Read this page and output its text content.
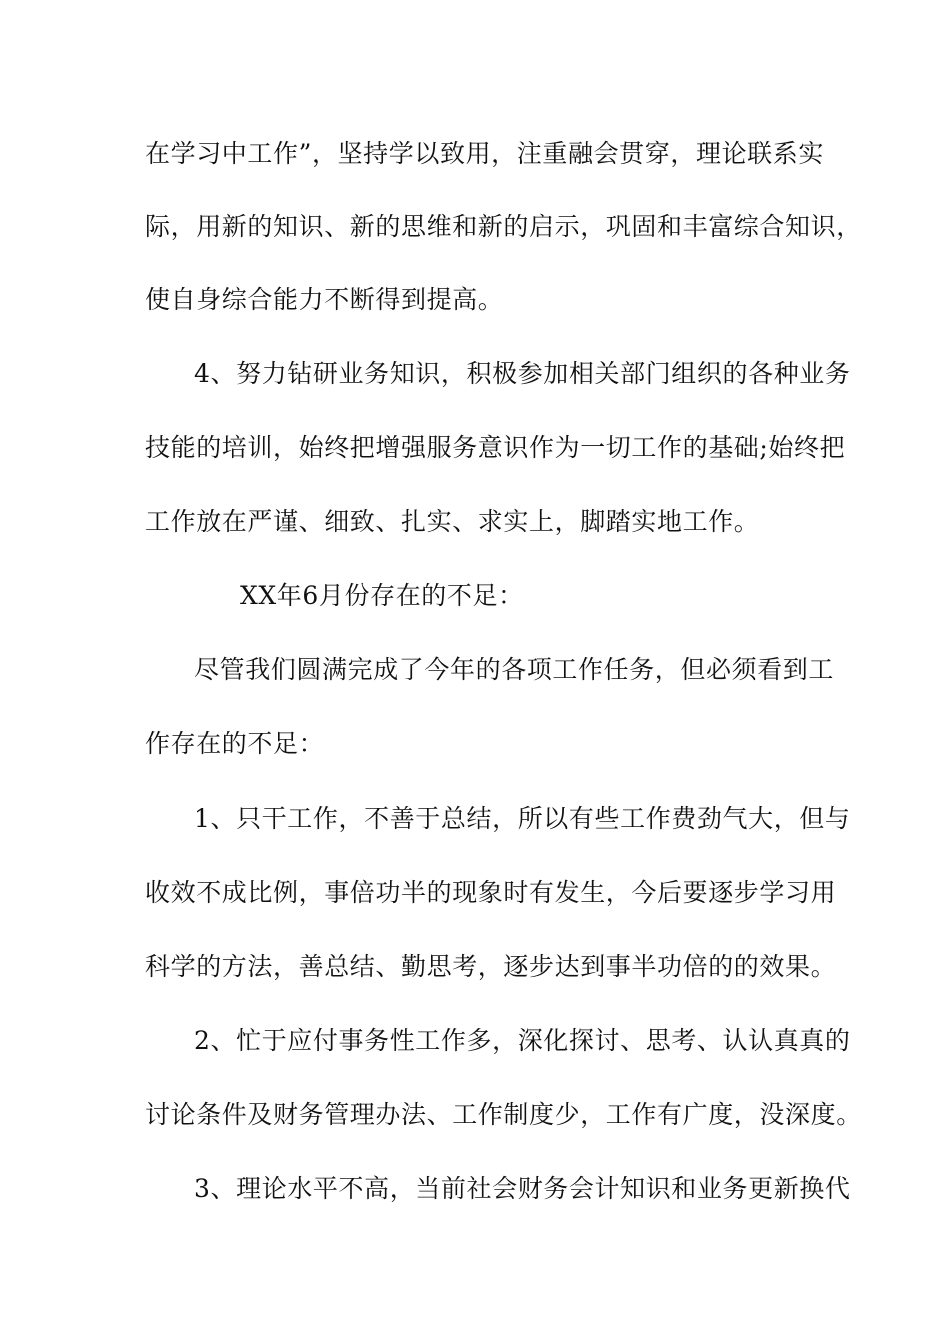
在学习中工作”，坚持学以致用，注重融会贯穿，理论联系实
际，用新的知识、新的思维和新的启示，巩固和丰富综合知识，
使自身综合能力不断得到提高。
4、努力钻研业务知识，积极参加相关部门组织的各种业务
技能的培训，始终把增强服务意识作为一切工作的基础;始终把
工作放在严谨、细致、扎实、求实上，脚踏实地工作。
XX年6月份存在的不足：
尽管我们圆满完成了今年的各项工作任务，但必须看到工
作存在的不足：
1、只干工作，不善于总结，所以有些工作费劲气大，但与
收效不成比例，事倍功半的现象时有发生，今后要逐步学习用
科学的方法，善总结、勤思考，逐步达到事半功倍的的效果。
2、忙于应付事务性工作多，深化探讨、思考、认认真真的
讨论条件及财务管理办法、工作制度少，工作有广度，没深度。
3、理论水平不高，当前社会财务会计知识和业务更新换代
